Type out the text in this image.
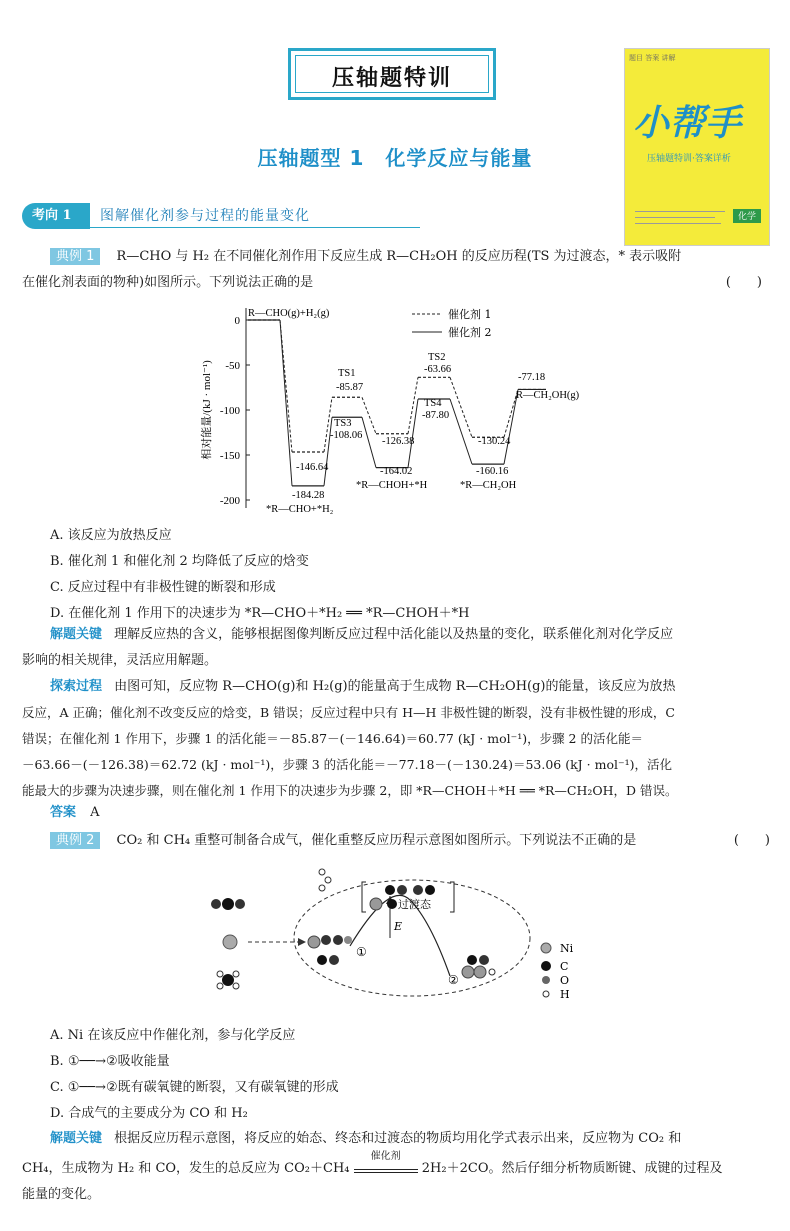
压轴题特训
压轴题型 1　化学反应与能量
题目 答案 讲解
小帮手
压轴题特训·答案详析
化学
考向 1	图解催化剂参与过程的能量变化
典例 1 R—CHO 与 H₂ 在不同催化剂作用下反应生成 R—CH₂OH 的反应历程(TS 为过渡态，* 表示吸附
在催化剂表面的物种)如图所示。下列说法正确的是	(　　)
0
-50
-100
-150
-200
相对能量/(kJ · mol⁻¹)
催化剂 1
催化剂 2
R—CHO(g)+H₂(g)
-146.64
-184.28
*R—CHO+*H₂
TS1
-85.87
TS3
-108.06
-126.38
-164.02
*R—CHOH+*H
TS2
-63.66
TS4
-87.80
-130.24
-160.16
*R—CH₂OH
-77.18
R—CH₂OH(g)
A. 该反应为放热反应
B. 催化剂 1 和催化剂 2 均降低了反应的焓变
C. 反应过程中有非极性键的断裂和形成
D. 在催化剂 1 作用下的决速步为 *R—CHO＋*H₂ ══ *R—CHOH＋*H
解题关键 理解反应热的含义，能够根据图像判断反应过程中活化能以及热量的变化，联系催化剂对化学反应
影响的相关规律，灵活应用解题。
探索过程 由图可知，反应物 R—CHO(g)和 H₂(g)的能量高于生成物 R—CH₂OH(g)的能量，该反应为放热
反应，A 正确；催化剂不改变反应的焓变，B 错误；反应过程中只有 H—H 非极性键的断裂，没有非极性键的形成，C
错误；在催化剂 1 作用下，步骤 1 的活化能＝－85.87－(－146.64)＝60.77 (kJ · mol⁻¹)，步骤 2 的活化能＝
－63.66－(－126.38)＝62.72 (kJ · mol⁻¹)，步骤 3 的活化能＝－77.18－(－130.24)＝53.06 (kJ · mol⁻¹)，活化
能最大的步骤为决速步骤，则在催化剂 1 作用下的决速步为步骤 2，即 *R—CHOH＋*H ══ *R—CH₂OH，D 错误。
答案 A
典例 2 CO₂ 和 CH₄ 重整可制备合成气，催化重整反应历程示意图如图所示。下列说法不正确的是	(　　)
①
E
过渡态
②
Ni
C
O
H
A. Ni 在该反应中作催化剂，参与化学反应
B. ①──→②吸收能量
C. ①──→②既有碳氧键的断裂，又有碳氧键的形成
D. 合成气的主要成分为 CO 和 H₂
解题关键 根据反应历程示意图，将反应的始态、终态和过渡态的物质均用化学式表示出来，反应物为 CO₂ 和
CH₄，生成物为 H₂ 和 CO，发生的总反应为 CO₂＋CH₄
催化剂
2H₂＋2CO。然后仔细分析物质断键、成键的过程及
能量的变化。
